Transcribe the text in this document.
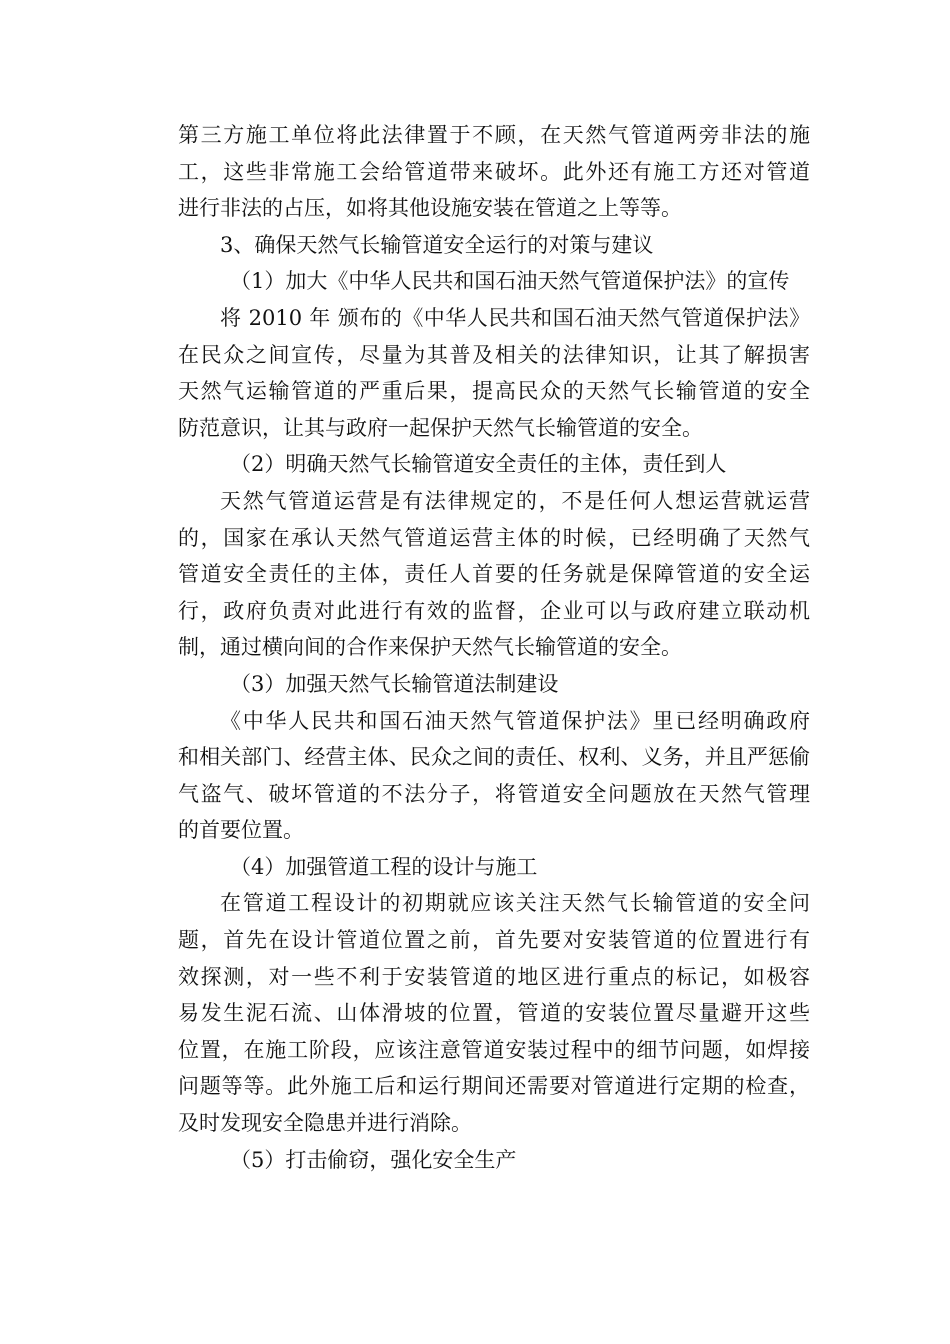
第三方施工单位将此法律置于不顾，在天然气管道两旁非法的施
工，这些非常施工会给管道带来破坏。此外还有施工方还对管道
进行非法的占压，如将其他设施安装在管道之上等等。
3、确保天然气长输管道安全运行的对策与建议
（1）加大《中华人民共和国石油天然气管道保护法》的宣传
将 2010 年 颁布的《中华人民共和国石油天然气管道保护法》
在民众之间宣传，尽量为其普及相关的法律知识，让其了解损害
天然气运输管道的严重后果，提高民众的天然气长输管道的安全
防范意识，让其与政府一起保护天然气长输管道的安全。
（2）明确天然气长输管道安全责任的主体，责任到人
天然气管道运营是有法律规定的，不是任何人想运营就运营
的，国家在承认天然气管道运营主体的时候，已经明确了天然气
管道安全责任的主体，责任人首要的任务就是保障管道的安全运
行，政府负责对此进行有效的监督，企业可以与政府建立联动机
制，通过横向间的合作来保护天然气长输管道的安全。
（3）加强天然气长输管道法制建设
《中华人民共和国石油天然气管道保护法》里已经明确政府
和相关部门、经营主体、民众之间的责任、权利、义务，并且严惩偷
气盗气、破坏管道的不法分子，将管道安全问题放在天然气管理
的首要位置。
（4）加强管道工程的设计与施工
在管道工程设计的初期就应该关注天然气长输管道的安全问
题，首先在设计管道位置之前，首先要对安装管道的位置进行有
效探测，对一些不利于安装管道的地区进行重点的标记，如极容
易发生泥石流、山体滑坡的位置，管道的安装位置尽量避开这些
位置，在施工阶段，应该注意管道安装过程中的细节问题，如焊接
问题等等。此外施工后和运行期间还需要对管道进行定期的检查，
及时发现安全隐患并进行消除。
（5）打击偷窃，强化安全生产
